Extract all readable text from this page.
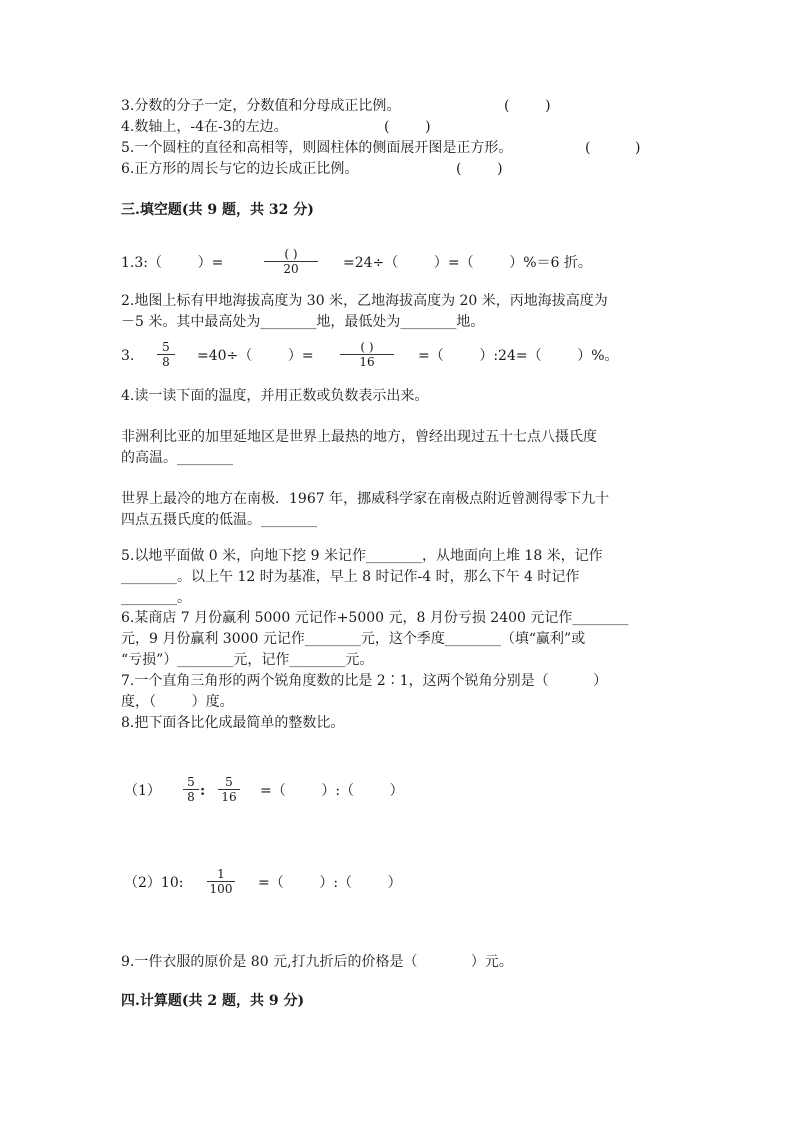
3.分数的分子一定，分数值和分母成正比例。	(        )
4.数轴上，-4在-3的左边。	(        )
5.一个圆柱的直径和高相等，则圆柱体的侧面展开图是正方形。	(          )
6.正方形的周长与它的边长成正比例。	(        )
三.填空题(共 9 题，共 32 分)
1.3:（        ）=
( )
20	=24÷（        ）=（        ）%＝6 折。
2.地图上标有甲地海拔高度为 30 米，乙地海拔高度为 20 米，丙地海拔高度为
－5 米。其中最高处为________地，最低处为________地。
3. $\frac{5}{8} =40\div$（        ）=
( )
16	=（        ）:24=（        ）%。
4.读一读下面的温度，并用正数或负数表示出来。
非洲利比亚的加里延地区是世界上最热的地方，曾经出现过五十七点八摄氏度
的高温。________
世界上最冷的地方在南极．1967 年，挪威科学家在南极点附近曾测得零下九十
四点五摄氏度的低温。________
5.以地平面做 0 米，向地下挖 9 米记作________，从地面向上堆 18 米，记作
________。以上午 12 时为基准，早上 8 时记作-4 时，那么下午 4 时记作
________。
6.某商店 7 月份赢利 5000 元记作+5000 元，8 月份亏损 2400 元记作________
元，9 月份赢利 3000 元记作________元，这个季度________（填“赢利”或
“亏损”）________元，记作________元。
7.一个直角三角形的两个锐角度数的比是 2∶1，这两个锐角分别是（          ）
度，（        ）度。
8.把下面各比化成最简单的整数比。
$(1) \frac{5}{8}$ : $\frac{5}{16}$ =（        ）:（        ）
（2）10: $\frac{1}{100}$ =（        ）:（        ）
9.一件衣服的原价是 80 元,打九折后的价格是（            ）元。
四.计算题(共 2 题，共 9 分)
